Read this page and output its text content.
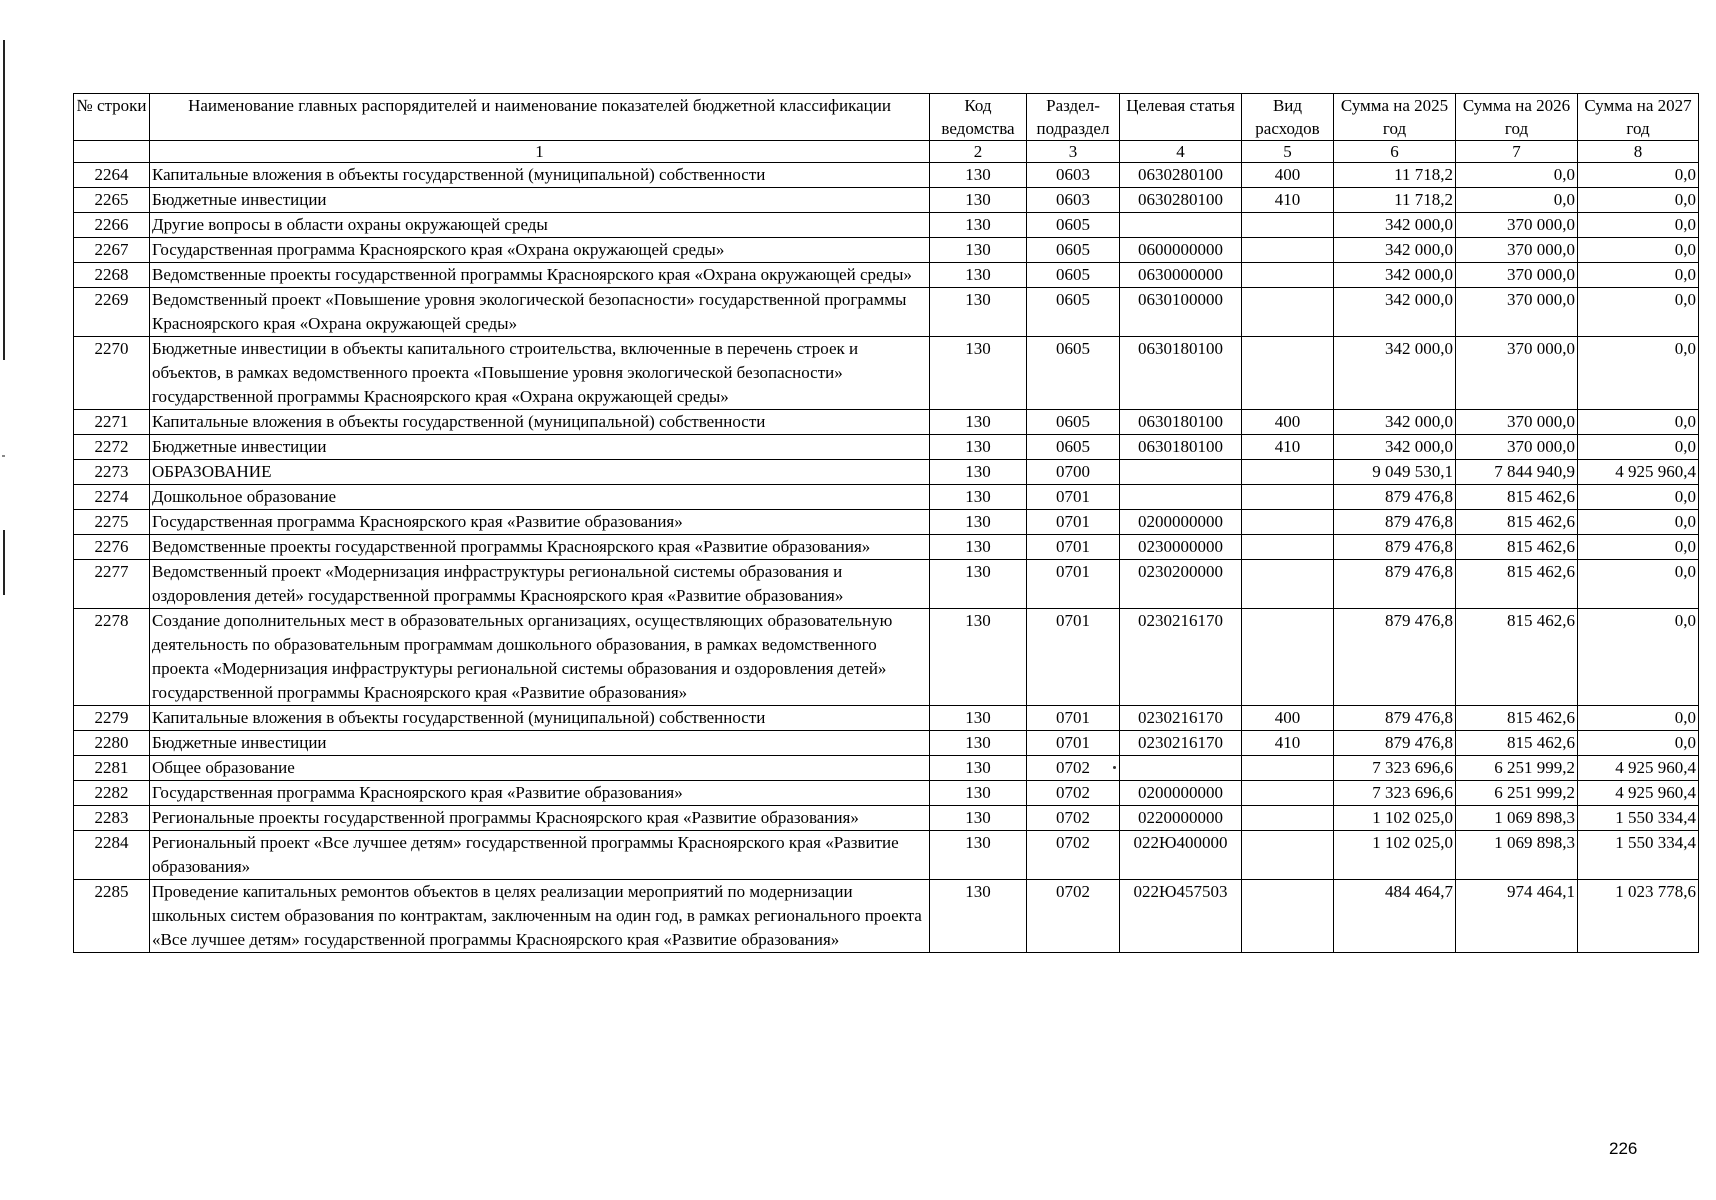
№ строки	Наименование главных распорядителей и наименование показателей бюджетной классификации	Код ведомства	Раздел-подраздел	Целевая статья	Вид расходов	Сумма на 2025 год	Сумма на 2026 год	Сумма на 2027 год
	1	2	3	4	5	6	7	8
2264	Капитальные вложения в объекты государственной (муниципальной) собственности	130	0603	0630280100	400	11 718,2	0,0	0,0
2265	Бюджетные инвестиции	130	0603	0630280100	410	11 718,2	0,0	0,0
2266	Другие вопросы в области охраны окружающей среды	130	0605			342 000,0	370 000,0	0,0
2267	Государственная программа Красноярского края «Охрана окружающей среды»	130	0605	0600000000		342 000,0	370 000,0	0,0
2268	Ведомственные проекты государственной программы Красноярского края «Охрана окружающей среды»	130	0605	0630000000		342 000,0	370 000,0	0,0
2269	Ведомственный проект «Повышение уровня экологической безопасности» государственной программы Красноярского края «Охрана окружающей среды»	130	0605	0630100000		342 000,0	370 000,0	0,0
2270	Бюджетные инвестиции в объекты капитального строительства, включенные в перечень строек и объектов, в рамках ведомственного проекта «Повышение уровня экологической безопасности» государственной программы Красноярского края «Охрана окружающей среды»	130	0605	0630180100		342 000,0	370 000,0	0,0
2271	Капитальные вложения в объекты государственной (муниципальной) собственности	130	0605	0630180100	400	342 000,0	370 000,0	0,0
2272	Бюджетные инвестиции	130	0605	0630180100	410	342 000,0	370 000,0	0,0
2273	ОБРАЗОВАНИЕ	130	0700			9 049 530,1	7 844 940,9	4 925 960,4
2274	Дошкольное образование	130	0701			879 476,8	815 462,6	0,0
2275	Государственная программа Красноярского края «Развитие образования»	130	0701	0200000000		879 476,8	815 462,6	0,0
2276	Ведомственные проекты государственной программы Красноярского края «Развитие образования»	130	0701	0230000000		879 476,8	815 462,6	0,0
2277	Ведомственный проект «Модернизация инфраструктуры региональной системы образования и оздоровления детей» государственной программы Красноярского края «Развитие образования»	130	0701	0230200000		879 476,8	815 462,6	0,0
2278	Создание дополнительных мест в образовательных организациях, осуществляющих образовательную деятельность по образовательным программам дошкольного образования, в рамках ведомственного проекта «Модернизация инфраструктуры региональной системы образования и оздоровления детей» государственной программы Красноярского края «Развитие образования»	130	0701	0230216170		879 476,8	815 462,6	0,0
2279	Капитальные вложения в объекты государственной (муниципальной) собственности	130	0701	0230216170	400	879 476,8	815 462,6	0,0
2280	Бюджетные инвестиции	130	0701	0230216170	410	879 476,8	815 462,6	0,0
2281	Общее образование	130	0702			7 323 696,6	6 251 999,2	4 925 960,4
2282	Государственная программа Красноярского края «Развитие образования»	130	0702	0200000000		7 323 696,6	6 251 999,2	4 925 960,4
2283	Региональные проекты государственной программы Красноярского края «Развитие образования»	130	0702	0220000000		1 102 025,0	1 069 898,3	1 550 334,4
2284	Региональный проект «Все лучшее детям» государственной программы Красноярского края «Развитие образования»	130	0702	022Ю400000		1 102 025,0	1 069 898,3	1 550 334,4
2285	Проведение капитальных ремонтов объектов в целях реализации мероприятий по модернизации школьных систем образования по контрактам, заключенным на один год, в рамках регионального проекта «Все лучшее детям» государственной программы Красноярского края «Развитие образования»	130	0702	022Ю457503		484 464,7	974 464,1	1 023 778,6
226
